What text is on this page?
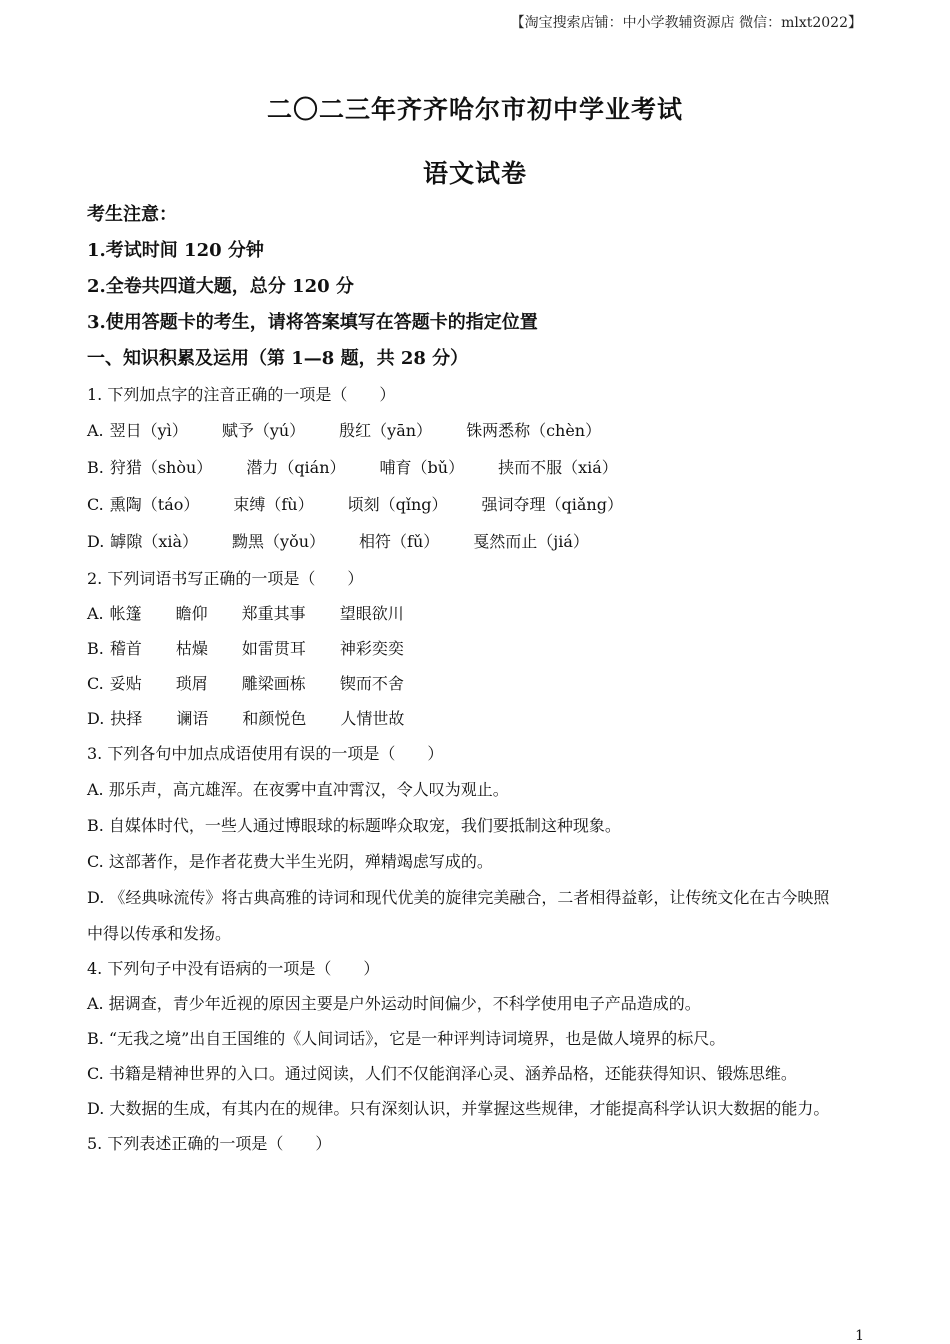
【淘宝搜索店铺：中小学教辅资源店 微信：mlxt2022】
二〇二三年齐齐哈尔市初中学业考试
语文试卷
考生注意：
1.考试时间 120 分钟
2.全卷共四道大题，总分 120 分
3.使用答题卡的考生，请将答案填写在答题卡的指定位置
一、知识积累及运用（第 1—8 题，共 28 分）
1. 下列加点字的注音正确的一项是（　　）
A. 翌日（yì） 赋予（yú） 殷红（yān） 铢两悉称（chèn）
B. 狩猎（shòu） 潜力（qián） 哺育（bǔ） 挟而不服（xiá）
C. 熏陶（táo） 束缚（fù） 顷刻（qǐng） 强词夺理（qiǎng）
D. 罅隙（xià） 黝黑（yǒu） 相符（fǔ） 戛然而止（jiá）
2. 下列词语书写正确的一项是（　　）
A. 帐篷 瞻仰 郑重其事 望眼欲川
B. 稽首 枯燥 如雷贯耳 神彩奕奕
C. 妥贴 琐屑 雕梁画栋 锲而不舍
D. 抉择 谰语 和颜悦色 人情世故
3. 下列各句中加点成语使用有误的一项是（　　）
A. 那乐声，高亢雄浑。在夜雾中直冲霄汉，令人叹为观止。
B. 自媒体时代，一些人通过博眼球的标题哗众取宠，我们要抵制这种现象。
C. 这部著作，是作者花费大半生光阴，殚精竭虑写成的。
D. 《经典咏流传》将古典高雅的诗词和现代优美的旋律完美融合，二者相得益彰，让传统文化在古今映照
中得以传承和发扬。
4. 下列句子中没有语病的一项是（　　）
A. 据调查，青少年近视的原因主要是户外运动时间偏少，不科学使用电子产品造成的。
B. “无我之境”出自王国维的《人间词话》，它是一种评判诗词境界，也是做人境界的标尺。
C. 书籍是精神世界的入口。通过阅读，人们不仅能润泽心灵、涵养品格，还能获得知识、锻炼思维。
D. 大数据的生成，有其内在的规律。只有深刻认识，并掌握这些规律，才能提高科学认识大数据的能力。
5. 下列表述正确的一项是（　　）
1
